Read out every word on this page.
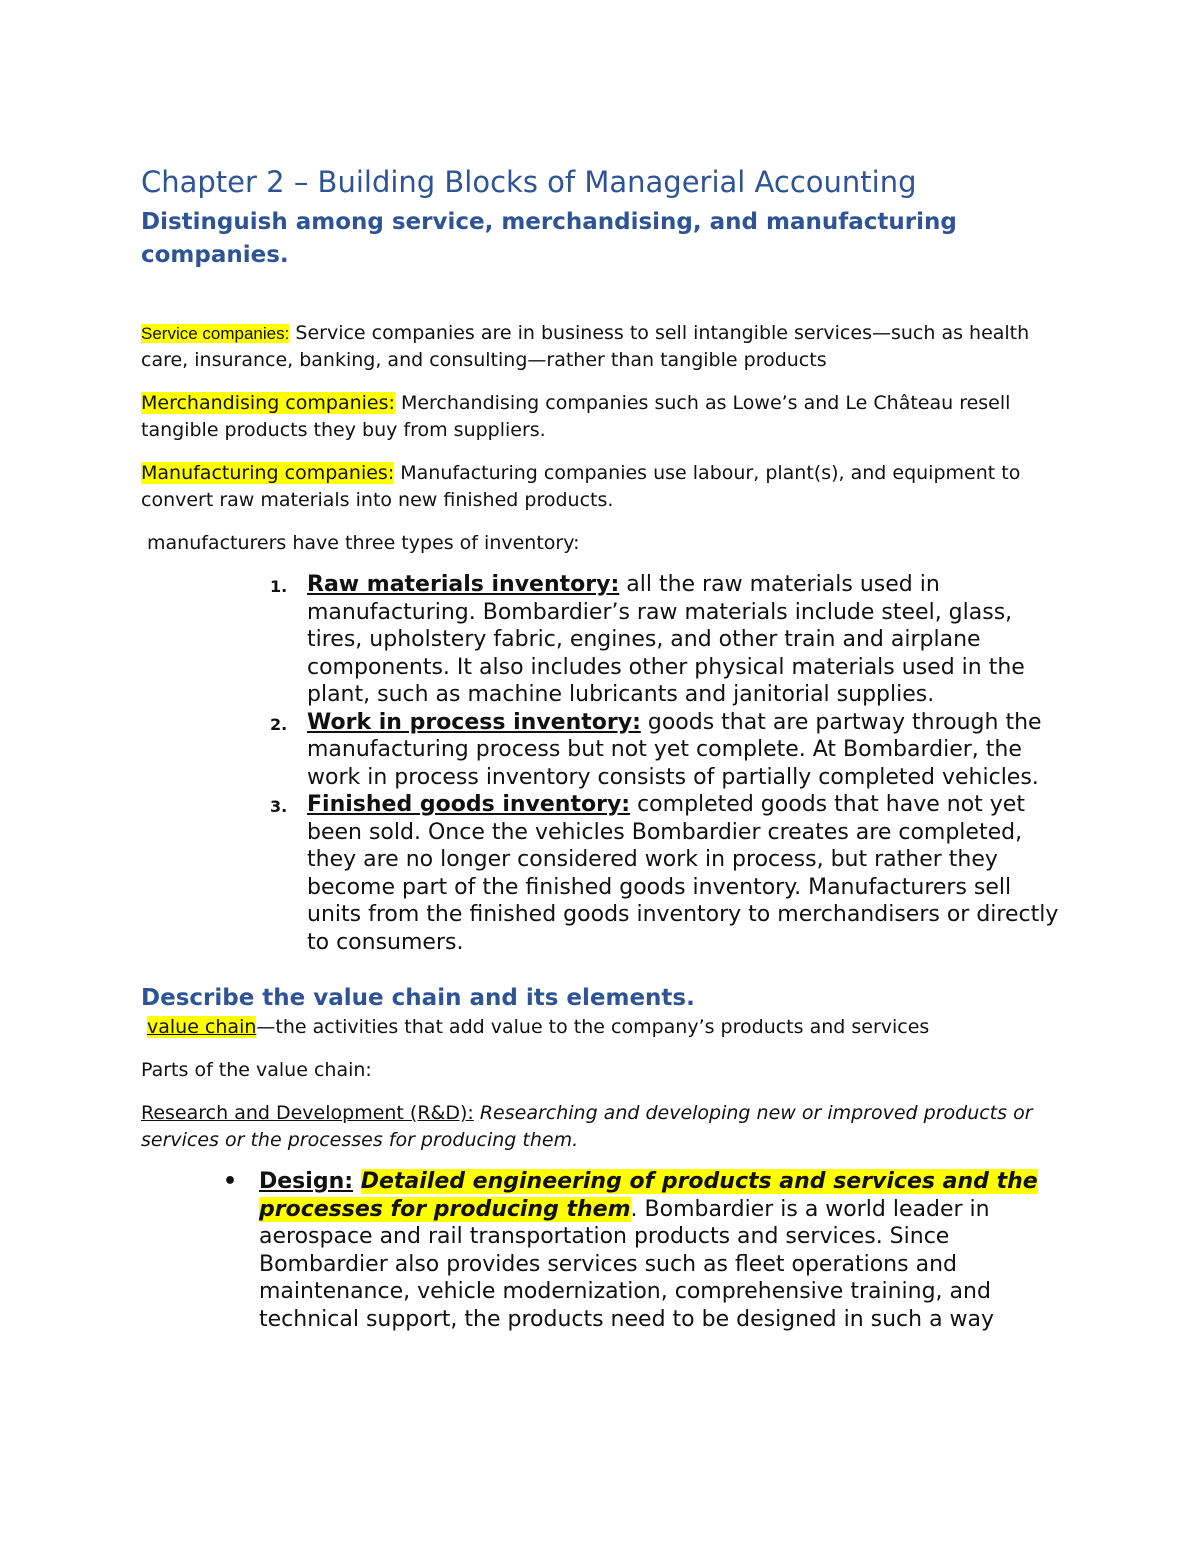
Chapter 2 – Building Blocks of Managerial Accounting
Distinguish among service, merchandising, and manufacturing companies.

Service companies: Service companies are in business to sell intangible services—such as health care, insurance, banking, and consulting—rather than tangible products

Merchandising companies: Merchandising companies such as Lowe’s and Le Château resell tangible products they buy from suppliers.

Manufacturing companies: Manufacturing companies use labour, plant(s), and equipment to convert raw materials into new finished products.

manufacturers have three types of inventory:

1. Raw materials inventory: all the raw materials used in manufacturing. Bombardier’s raw materials include steel, glass, tires, upholstery fabric, engines, and other train and airplane components. It also includes other physical materials used in the plant, such as machine lubricants and janitorial supplies.
2. Work in process inventory: goods that are partway through the manufacturing process but not yet complete. At Bombardier, the work in process inventory consists of partially completed vehicles.
3. Finished goods inventory: completed goods that have not yet been sold. Once the vehicles Bombardier creates are completed, they are no longer considered work in process, but rather they become part of the finished goods inventory. Manufacturers sell units from the finished goods inventory to merchandisers or directly to consumers.
Describe the value chain and its elements.

value chain—the activities that add value to the company’s products and services

Parts of the value chain:

Research and Development (R&D): Researching and developing new or improved products or services or the processes for producing them.

• Design: Detailed engineering of products and services and the processes for producing them. Bombardier is a world leader in aerospace and rail transportation products and services. Since Bombardier also provides services such as fleet operations and maintenance, vehicle modernization, comprehensive training, and technical support, the products need to be designed in such a way
